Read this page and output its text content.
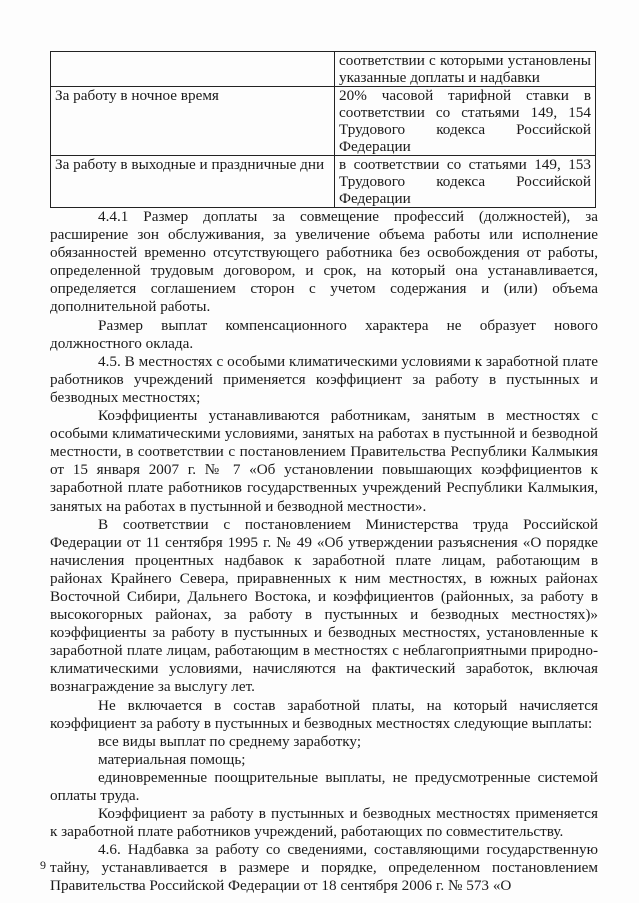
	соответствии с которыми установлены указанные доплаты и надбавки
За работу в ночное время	20% часовой тарифной ставки в соответствии со статьями 149, 154 Трудового кодекса Российской Федерации
За работу в выходные и праздничные дни	в соответствии со статьями 149, 153 Трудового кодекса Российской Федерации

4.4.1 Размер доплаты за совмещение профессий (должностей), за расширение зон обслуживания, за увеличение объема работы или исполнение обязанностей временно отсутствующего работника без освобождения от работы, определенной трудовым договором, и срок, на который она устанавливается, определяется соглашением сторон с учетом содержания и (или) объема дополнительной работы.

Размер выплат компенсационного характера не образует нового должностного оклада.

4.5. В местностях с особыми климатическими условиями к заработной плате работников учреждений применяется коэффициент за работу в пустынных и безводных местностях;

Коэффициенты устанавливаются работникам, занятым в местностях с особыми климатическими условиями, занятых на работах в пустынной и безводной местности, в соответствии с постановлением Правительства Республики Калмыкия от 15 января 2007 г. № 7 «Об установлении повышающих коэффициентов к заработной плате работников государственных учреждений Республики Калмыкия, занятых на работах в пустынной и безводной местности».

В соответствии с постановлением Министерства труда Российской Федерации от 11 сентября 1995 г. № 49 «Об утверждении разъяснения «О порядке начисления процентных надбавок к заработной плате лицам, работающим в районах Крайнего Севера, приравненных к ним местностях, в южных районах Восточной Сибири, Дальнего Востока, и коэффициентов (районных, за работу в высокогорных районах, за работу в пустынных и безводных местностях)» коэффициенты за работу в пустынных и безводных местностях, установленные к заработной плате лицам, работающим в местностях с неблагоприятными природно-климатическими условиями, начисляются на фактический заработок, включая вознаграждение за выслугу лет.

Не включается в состав заработной платы, на который начисляется коэффициент за работу в пустынных и безводных местностях следующие выплаты:

все виды выплат по среднему заработку;

материальная помощь;

единовременные поощрительные выплаты, не предусмотренные системой оплаты труда.

Коэффициент за работу в пустынных и безводных местностях применяется к заработной плате работников учреждений, работающих по совместительству.

4.6. Надбавка за работу со сведениями, составляющими государственную тайну, устанавливается в размере и порядке, определенном постановлением Правительства Российской Федерации от 18 сентября 2006 г. № 573 «О

9
